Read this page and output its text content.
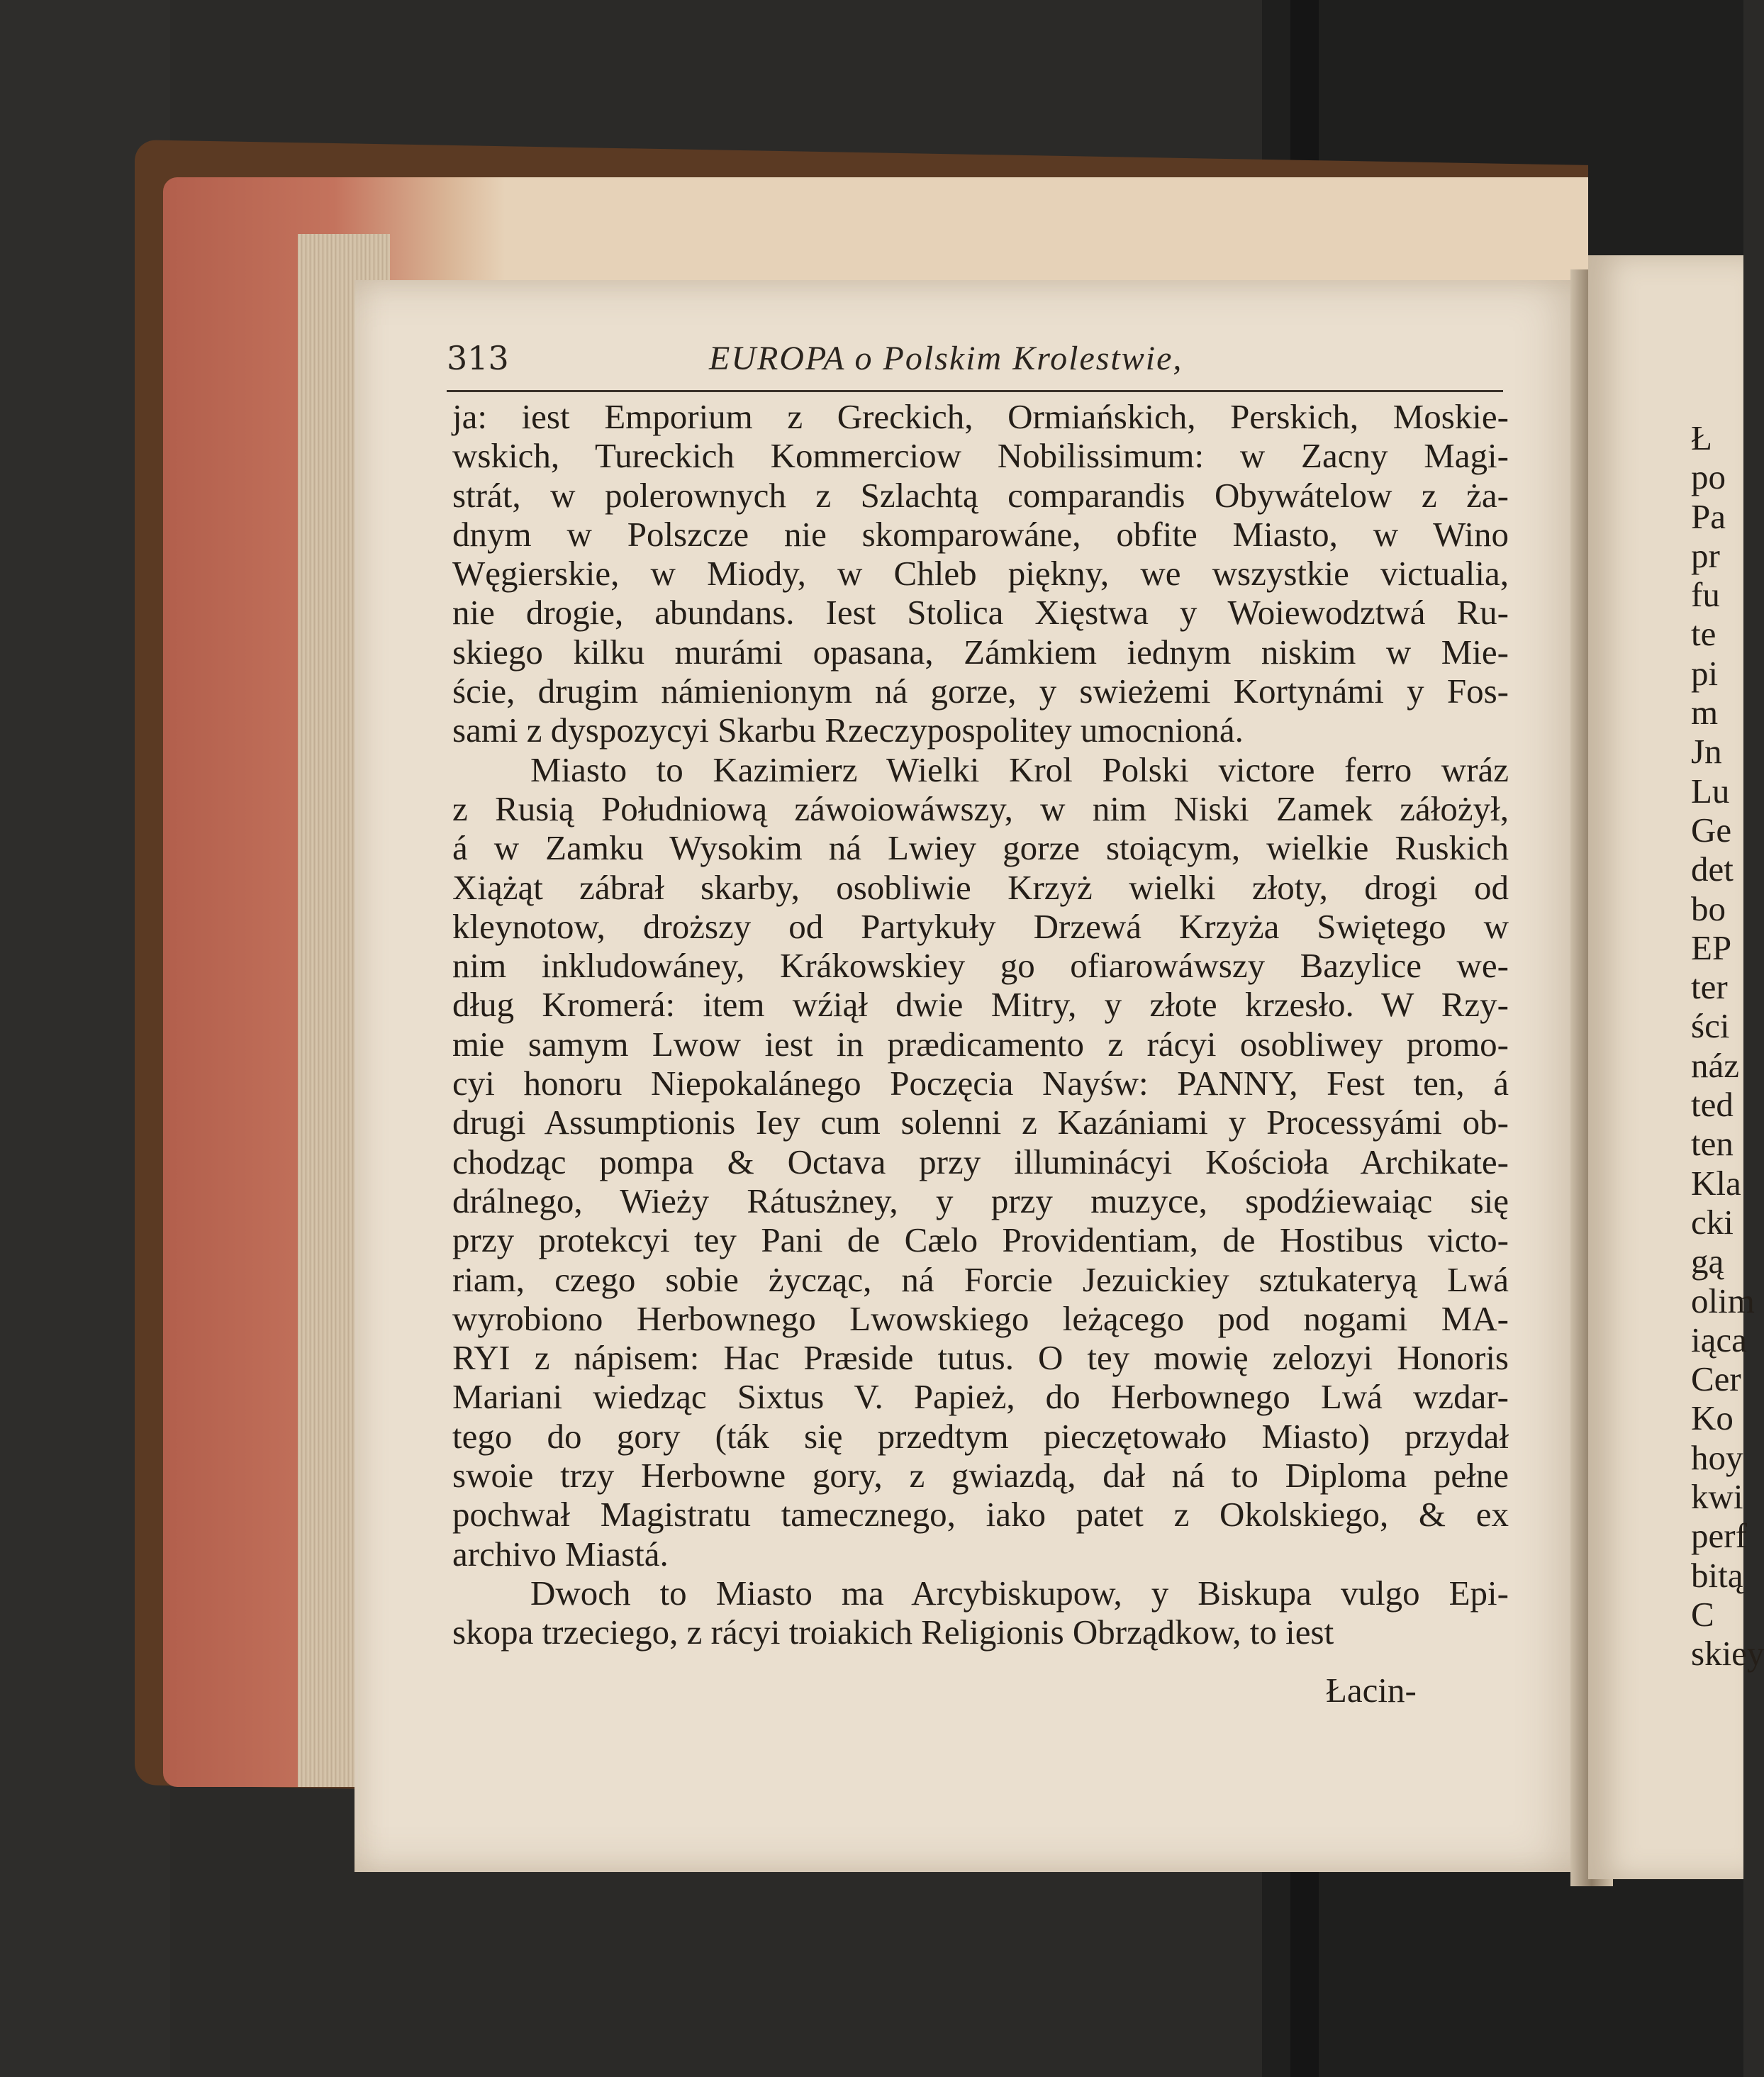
313	EUROPA o Polskim Krolestwie,
ja: iest Emporium z Greckich, Ormiańskich, Perskich, Moskie-
wskich, Tureckich Kommerciow Nobilissimum: w Zacny Magi-
strát, w polerownych z Szlachtą comparandis Obywátelow z ża-
dnym w Polszcze nie skomparowáne, obfite Miasto, w Wino
Węgierskie, w Miody, w Chleb piękny, we wszystkie victualia,
nie drogie, abundans. Iest Stolica Xięstwa y Woiewodztwá Ru-
skiego kilku murámi opasana, Zámkiem iednym niskim w Mie-
ście, drugim námienionym ná gorze, y swieżemi Kortynámi y Fos-
sami z dyspozycyi Skarbu Rzeczypospolitey umocnioná.
Miasto to Kazimierz Wielki Krol Polski victore ferro wráz
z Rusią Południową záwoiowáwszy, w nim Niski Zamek záłożył,
á w Zamku Wysokim ná Lwiey gorze stoiącym, wielkie Ruskich
Xiążąt zábrał skarby, osobliwie Krzyż wielki złoty, drogi od
kleynotow, droższy od Partykuły Drzewá Krzyża Swiętego w
nim inkludowáney, Krákowskiey go ofiarowáwszy Bazylice we-
dług Kromerá: item wźiął dwie Mitry, y złote krzesło. W Rzy-
mie samym Lwow iest in prædicamento z rácyi osobliwey promo-
cyi honoru Niepokalánego Poczęcia Nayśw: PANNY, Fest ten, á
drugi Assumptionis Iey cum solenni z Kazániami y Processyámi ob-
chodząc pompa & Octava przy illuminácyi Kościoła Archikate-
drálnego, Wieży Rátusżney, y przy muzyce, spodźiewaiąc się
przy protekcyi tey Pani de Cælo Providentiam, de Hostibus victo-
riam, czego sobie życząc, ná Forcie Jezuickiey sztukateryą Lwá
wyrobiono Herbownego Lwowskiego leżącego pod nogami MA-
RYI z nápisem: Hac Præside tutus. O tey mowię zelozyi Honoris
Mariani wiedząc Sixtus V. Papież, do Herbownego Lwá wzdar-
tego do gory (ták się przedtym pieczętowało Miasto) przydał
swoie trzy Herbowne gory, z gwiazdą, dał ná to Diploma pełne
pochwał Magistratu tamecznego, iako patet z Okolskiego, & ex
archivo Miastá.
Dwoch to Miasto ma Arcybiskupow, y Biskupa vulgo Epi-
skopa trzeciego, z rácyi troiakich Religionis Obrządkow, to iest
Łacin-
Ł
po
Pa
pr
fu
te
pi
m
Jn
Lu
Ge
det
bo
EP
ter
ści
náz
ted
ten
Kla
cki
gą
olim
iąca
Cer
Ko
hoy
kwi
perf
bitą
C
skiey
